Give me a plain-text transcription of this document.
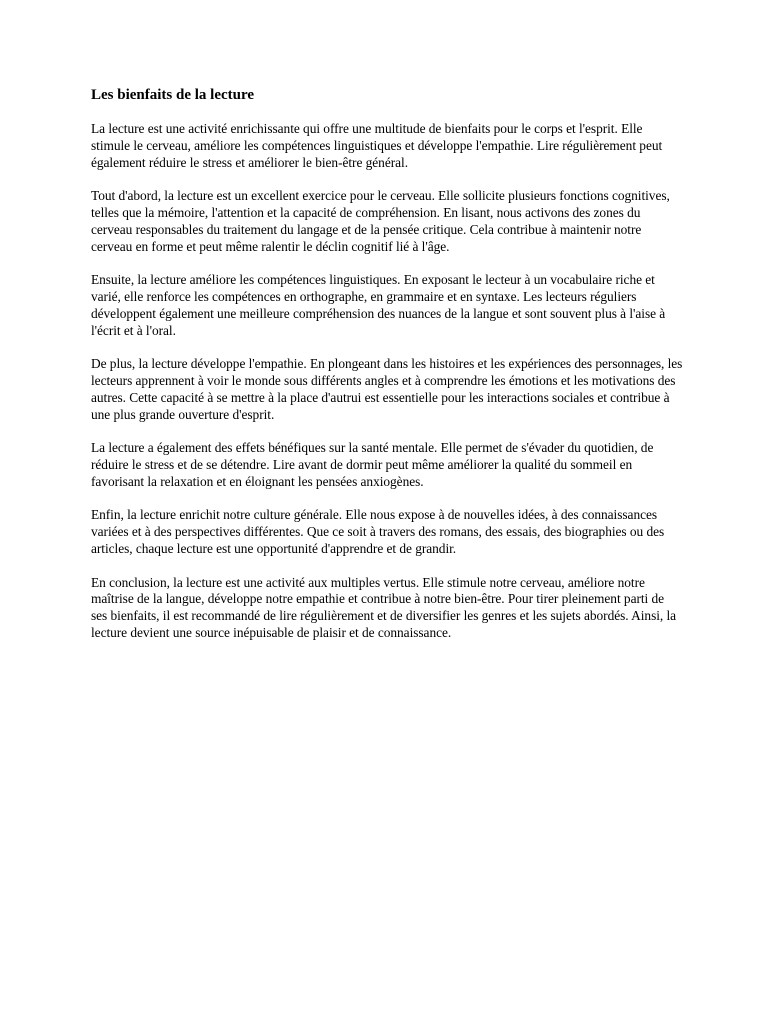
Les bienfaits de la lecture

La lecture est une activité enrichissante qui offre une multitude de bienfaits pour le corps et l'esprit. Elle stimule le cerveau, améliore les compétences linguistiques et développe l'empathie. Lire régulièrement peut également réduire le stress et améliorer le bien-être général.

Tout d'abord, la lecture est un excellent exercice pour le cerveau. Elle sollicite plusieurs fonctions cognitives, telles que la mémoire, l'attention et la capacité de compréhension. En lisant, nous activons des zones du cerveau responsables du traitement du langage et de la pensée critique. Cela contribue à maintenir notre cerveau en forme et peut même ralentir le déclin cognitif lié à l'âge.

Ensuite, la lecture améliore les compétences linguistiques. En exposant le lecteur à un vocabulaire riche et varié, elle renforce les compétences en orthographe, en grammaire et en syntaxe. Les lecteurs réguliers développent également une meilleure compréhension des nuances de la langue et sont souvent plus à l'aise à l'écrit et à l'oral.

De plus, la lecture développe l'empathie. En plongeant dans les histoires et les expériences des personnages, les lecteurs apprennent à voir le monde sous différents angles et à comprendre les émotions et les motivations des autres. Cette capacité à se mettre à la place d'autrui est essentielle pour les interactions sociales et contribue à une plus grande ouverture d'esprit.

La lecture a également des effets bénéfiques sur la santé mentale. Elle permet de s'évader du quotidien, de réduire le stress et de se détendre. Lire avant de dormir peut même améliorer la qualité du sommeil en favorisant la relaxation et en éloignant les pensées anxiogènes.

Enfin, la lecture enrichit notre culture générale. Elle nous expose à de nouvelles idées, à des connaissances variées et à des perspectives différentes. Que ce soit à travers des romans, des essais, des biographies ou des articles, chaque lecture est une opportunité d'apprendre et de grandir.

En conclusion, la lecture est une activité aux multiples vertus. Elle stimule notre cerveau, améliore notre maîtrise de la langue, développe notre empathie et contribue à notre bien-être. Pour tirer pleinement parti de ses bienfaits, il est recommandé de lire régulièrement et de diversifier les genres et les sujets abordés. Ainsi, la lecture devient une source inépuisable de plaisir et de connaissance.
